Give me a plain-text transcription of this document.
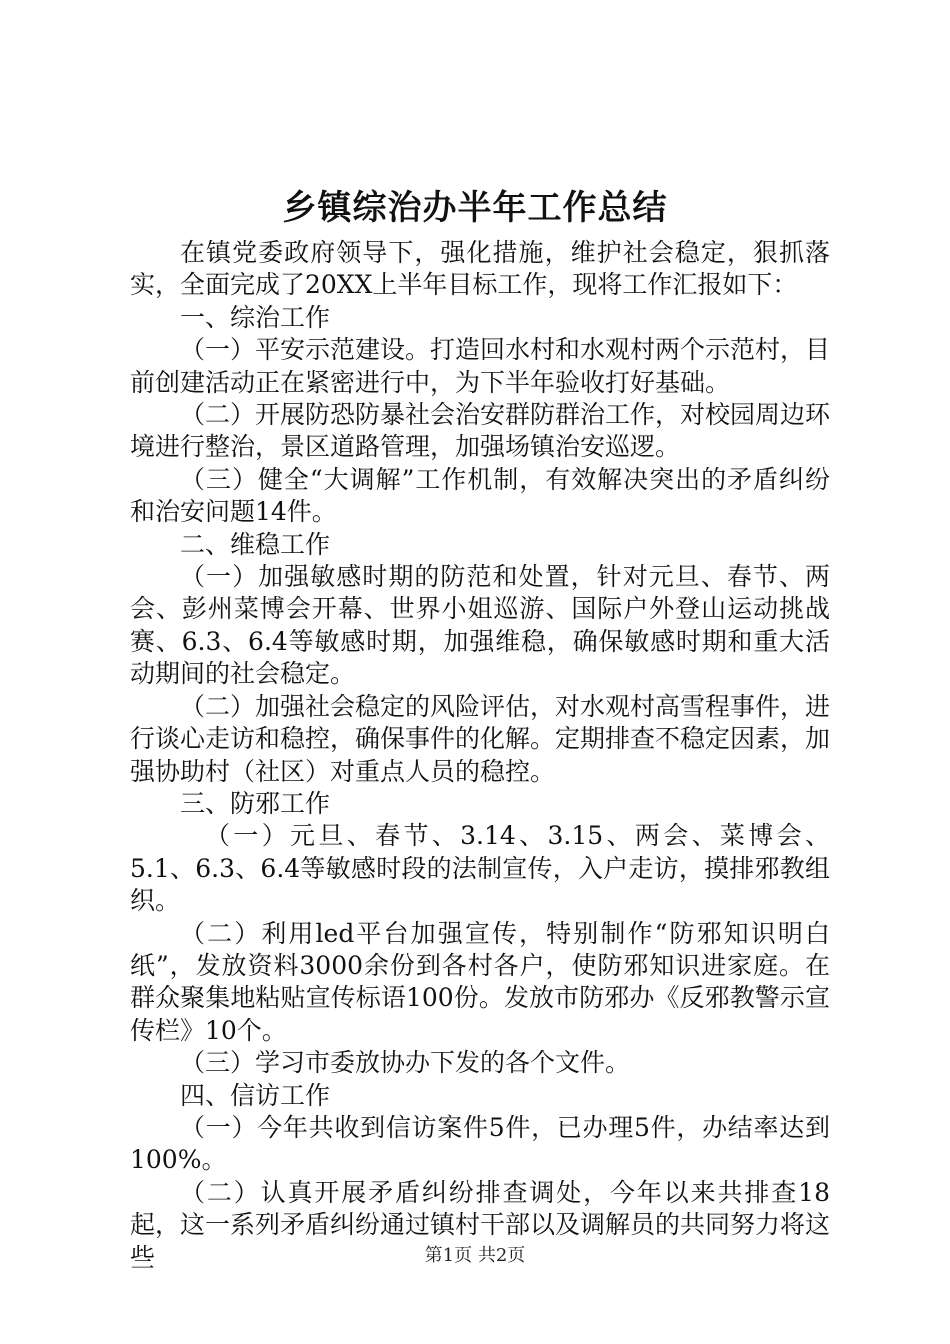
乡镇综治办半年工作总结

在镇党委政府领导下，强化措施，维护社会稳定，狠抓落实，全面完成了20XX上半年目标工作，现将工作汇报如下：

一、综治工作

（一）平安示范建设。打造回水村和水观村两个示范村，目前创建活动正在紧密进行中，为下半年验收打好基础。

（二）开展防恐防暴社会治安群防群治工作，对校园周边环境进行整治，景区道路管理，加强场镇治安巡逻。

（三）健全“大调解”工作机制，有效解决突出的矛盾纠纷和治安问题14件。

二、维稳工作

（一）加强敏感时期的防范和处置，针对元旦、春节、两会、彭州菜博会开幕、世界小姐巡游、国际户外登山运动挑战赛、6.3、6.4等敏感时期，加强维稳，确保敏感时期和重大活动期间的社会稳定。

（二）加强社会稳定的风险评估，对水观村高雪程事件，进行谈心走访和稳控，确保事件的化解。定期排查不稳定因素，加强协助村（社区）对重点人员的稳控。

三、防邪工作

（一）元旦、春节、3.14、3.15、两会、菜博会、5.1、6.3、6.4等敏感时段的法制宣传，入户走访，摸排邪教组织。

（二）利用led平台加强宣传，特别制作“防邪知识明白纸”，发放资料3000余份到各村各户，使防邪知识进家庭。在群众聚集地粘贴宣传标语100份。发放市防邪办《反邪教警示宣传栏》10个。

（三）学习市委放协办下发的各个文件。

四、信访工作

（一）今年共收到信访案件5件，已办理5件，办结率达到100%。

（二）认真开展矛盾纠纷排查调处，今年以来共排查18起，这一系列矛盾纠纷通过镇村干部以及调解员的共同努力将这些	第1页 共2页
